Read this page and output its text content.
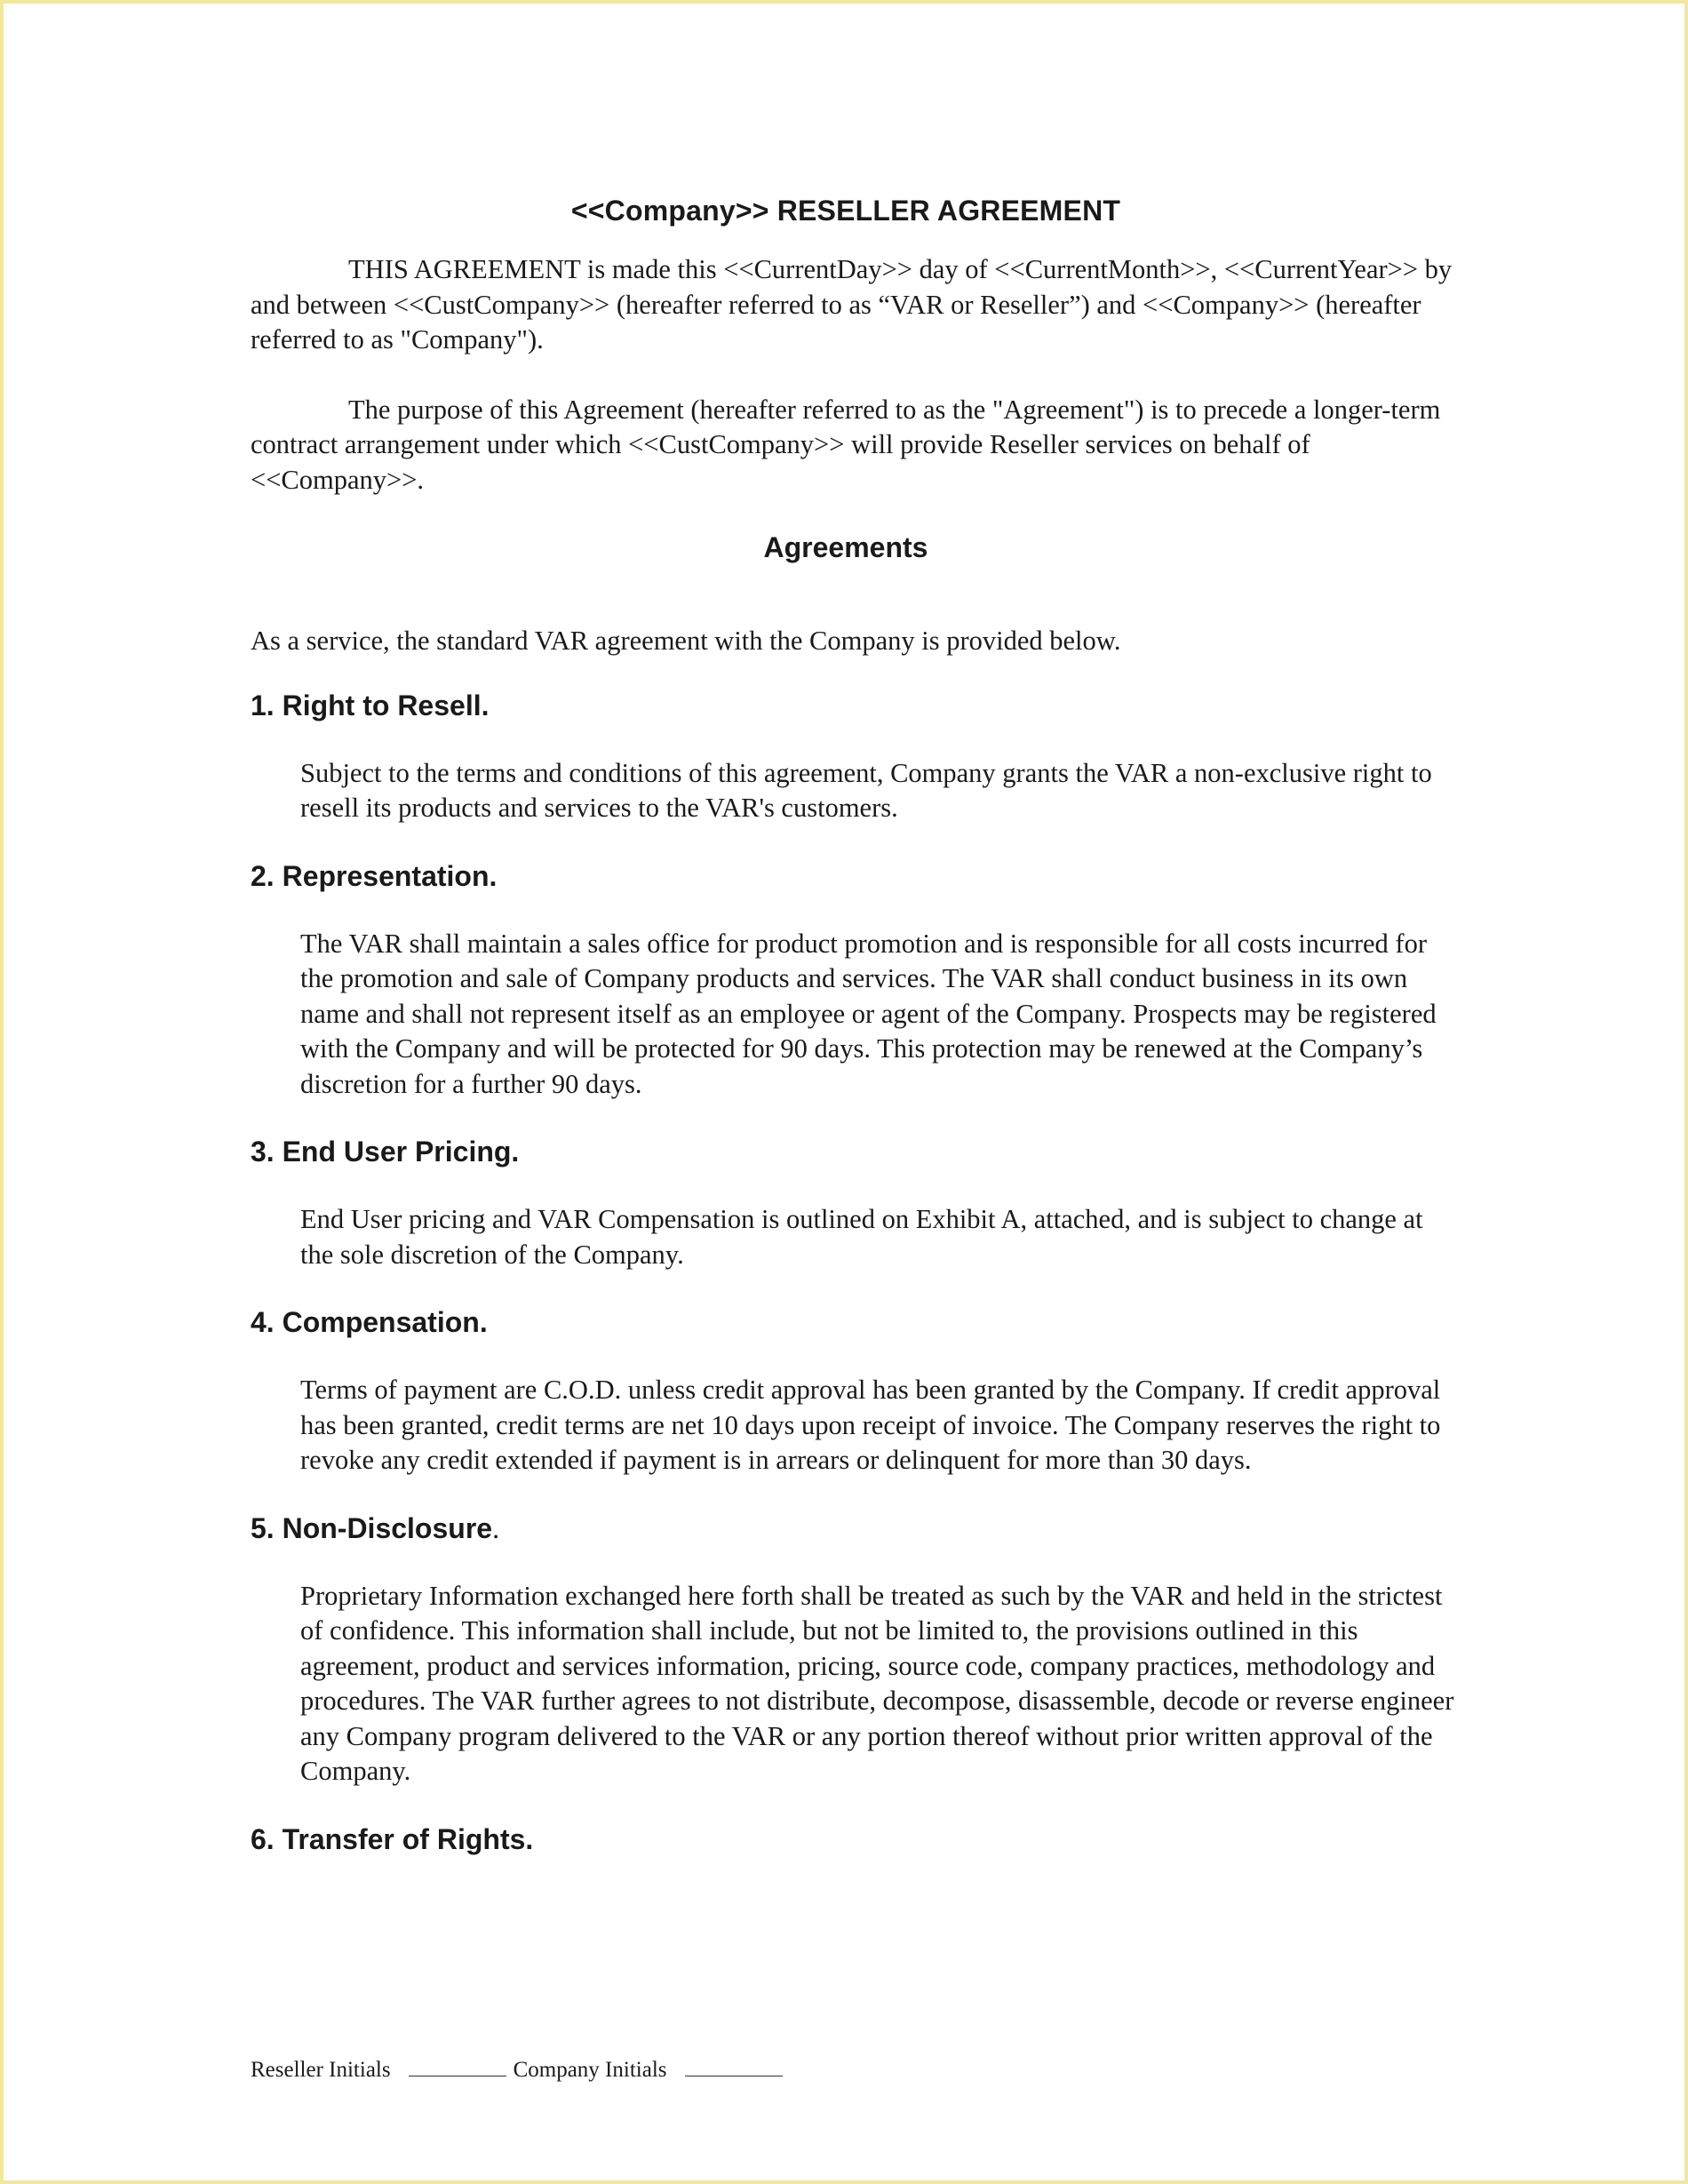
<<Company>> RESELLER AGREEMENT

THIS AGREEMENT is made this <<CurrentDay>> day of <<CurrentMonth>>, <<CurrentYear>> by and between <<CustCompany>> (hereafter referred to as “VAR or Reseller”) and <<Company>> (hereafter referred to as "Company").

The purpose of this Agreement (hereafter referred to as the "Agreement") is to precede a longer-term contract arrangement under which <<CustCompany>> will provide Reseller services on behalf of <<Company>>.

Agreements

As a service, the standard VAR agreement with the Company is provided below.

1. Right to Resell.

Subject to the terms and conditions of this agreement, Company grants the VAR a non-exclusive right to resell its products and services to the VAR's customers.

2. Representation.

The VAR shall maintain a sales office for product promotion and is responsible for all costs incurred for the promotion and sale of Company products and services. The VAR shall conduct business in its own name and shall not represent itself as an employee or agent of the Company. Prospects may be registered with the Company and will be protected for 90 days. This protection may be renewed at the Company’s discretion for a further 90 days.

3. End User Pricing.

End User pricing and VAR Compensation is outlined on Exhibit A, attached, and is subject to change at the sole discretion of the Company.

4. Compensation.

Terms of payment are C.O.D. unless credit approval has been granted by the Company. If credit approval has been granted, credit terms are net 10 days upon receipt of invoice. The Company reserves the right to revoke any credit extended if payment is in arrears or delinquent for more than 30 days.

5. Non-Disclosure.

Proprietary Information exchanged here forth shall be treated as such by the VAR and held in the strictest of confidence. This information shall include, but not be limited to, the provisions outlined in this agreement, product and services information, pricing, source code, company practices, methodology and procedures. The VAR further agrees to not distribute, decompose, disassemble, decode or reverse engineer any Company program delivered to the VAR or any portion thereof without prior written approval of the Company.

6. Transfer of Rights.
Reseller Initials	Company Initials
